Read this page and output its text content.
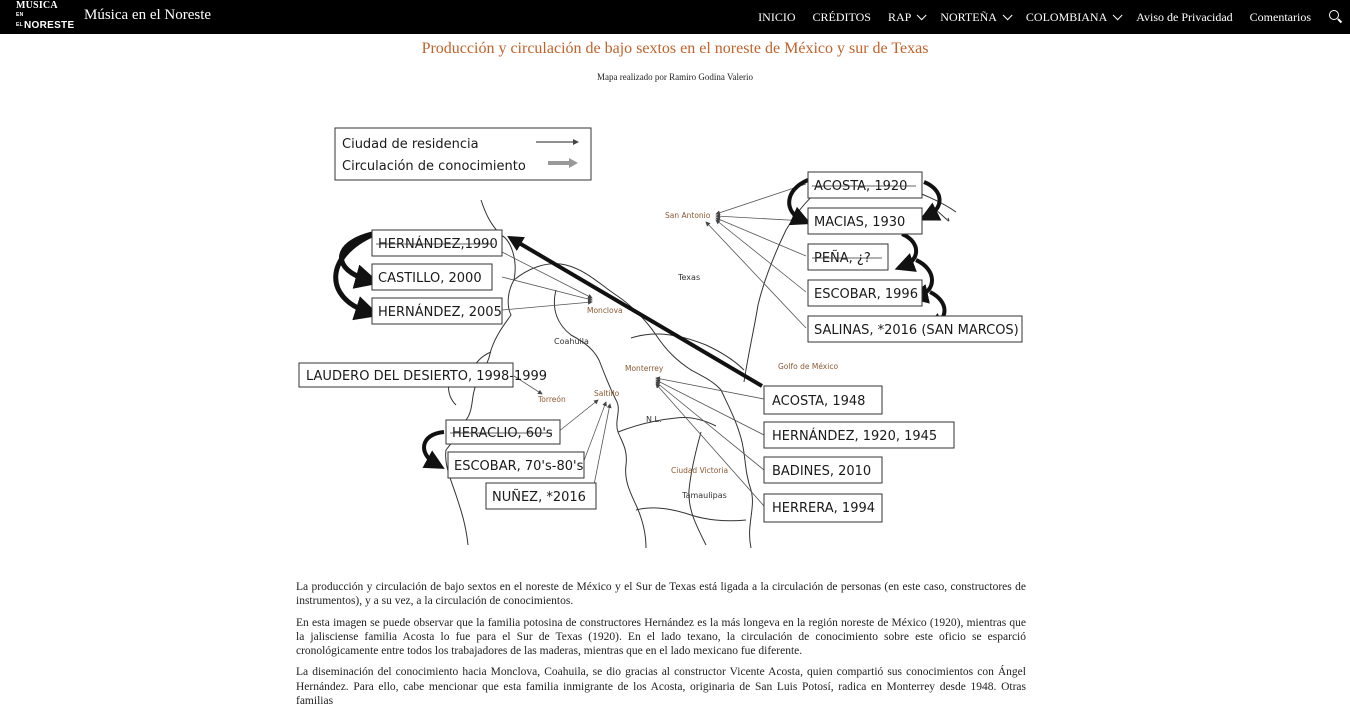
MÚSICA
EN ELNORESTE
Música en el Noreste	INICIO CRÉDITOS RAP NORTEÑA COLOMBIANA Aviso de Privacidad Comentarios
Producción y circulación de bajo sextos en el noreste de México y sur de Texas
Mapa realizado por Ramiro Godina Valerio
Ciudad de residencia
Circulación de conocimiento
San Antonio
Texas
Monclova
Coahuila
Golfo de México
Monterrey
Torreón
Saltillo
N.L.
Ciudad Victoria
Tamaulipas
ACOSTA, 1920
MACIAS, 1930
PEÑA, ¿?
ESCOBAR, 1996
SALINAS, *2016 (SAN MARCOS)
HERNÁNDEZ,1990
CASTILLO, 2000
HERNÁNDEZ, 2005
LAUDERO DEL DESIERTO, 1998-1999
ACOSTA, 1948
HERNÁNDEZ, 1920, 1945
HERACLIO, 60's
BADINES, 2010
ESCOBAR, 70's-80's
HERRERA, 1994
NUÑEZ, *2016

La producción y circulación de bajo sextos en el noreste de México y el Sur de Texas está ligada a la circulación de personas (en este caso, constructores de instrumentos), y a su vez, a la circulación de conocimientos.

En esta imagen se puede observar que la familia potosina de constructores Hernández es la más longeva en la región noreste de México (1920), mientras que la jalisciense familia Acosta lo fue para el Sur de Texas (1920). En el lado texano, la circulación de conocimiento sobre este oficio se esparció cronológicamente entre todos los trabajadores de las maderas, mientras que en el lado mexicano fue diferente.

La diseminación del conocimiento hacia Monclova, Coahuila, se dio gracias al constructor Vicente Acosta, quien compartió sus conocimientos con Ángel Hernández. Para ello, cabe mencionar que esta familia inmigrante de los Acosta, originaria de San Luis Potosí, radica en Monterrey desde 1948. Otras familias
